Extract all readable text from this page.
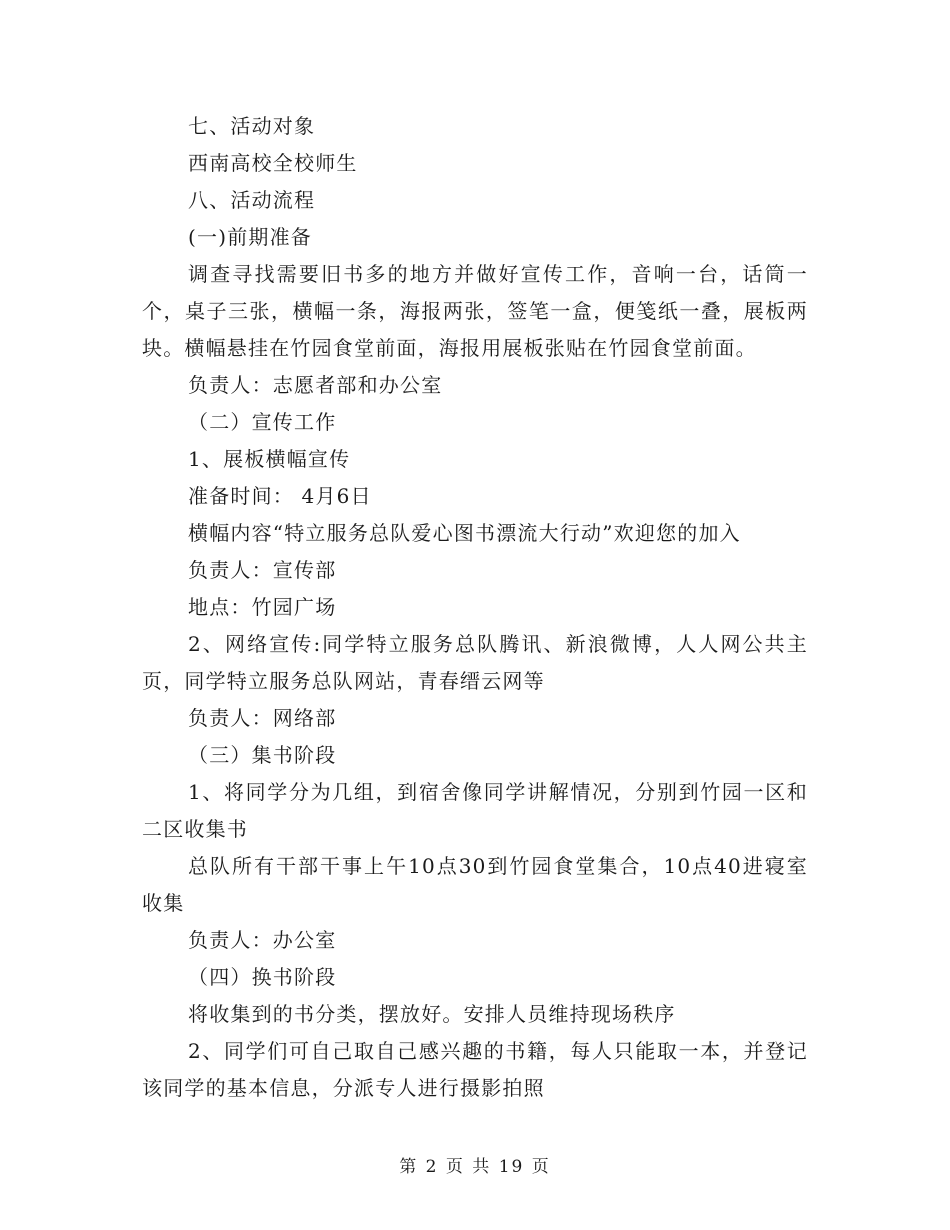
七、活动对象

西南高校全校师生

八、活动流程

(一)前期准备

调查寻找需要旧书多的地方并做好宣传工作，音响一台，话筒一个，桌子三张，横幅一条，海报两张，签笔一盒，便笺纸一叠，展板两块。横幅悬挂在竹园食堂前面，海报用展板张贴在竹园食堂前面。

负责人：志愿者部和办公室

（二）宣传工作

1、展板横幅宣传

准备时间： 4月6日

横幅内容“特立服务总队爱心图书漂流大行动”欢迎您的加入

负责人：宣传部

地点：竹园广场

2、网络宣传:同学特立服务总队腾讯、新浪微博，人人网公共主页，同学特立服务总队网站，青春缙云网等

负责人：网络部

（三）集书阶段

1、将同学分为几组，到宿舍像同学讲解情况，分别到竹园一区和二区收集书

总队所有干部干事上午10点30到竹园食堂集合，10点40进寝室收集

负责人：办公室

（四）换书阶段

将收集到的书分类，摆放好。安排人员维持现场秩序

2、同学们可自己取自己感兴趣的书籍，每人只能取一本，并登记该同学的基本信息，分派专人进行摄影拍照

第 2 页 共 19 页
